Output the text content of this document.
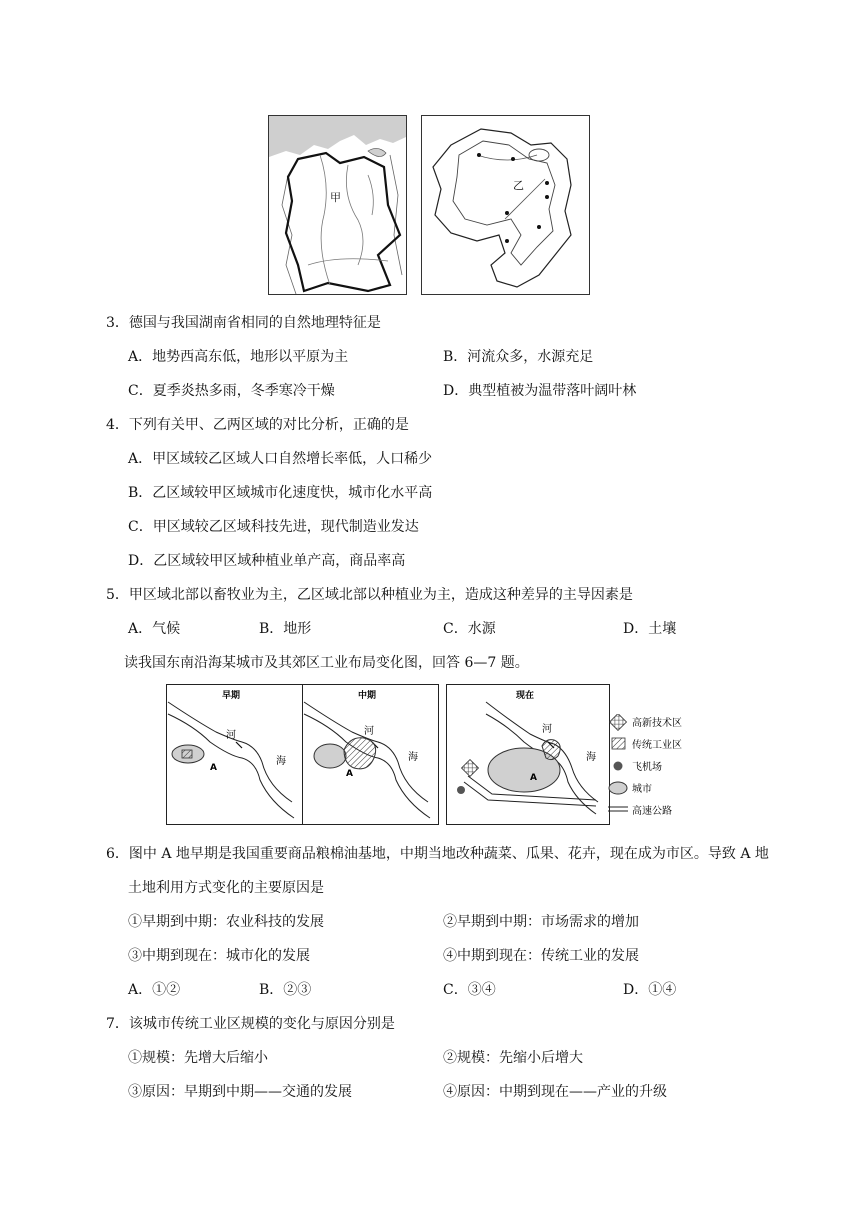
甲
乙
3．德国与我国湖南省相同的自然地理特征是
A．地势西高东低，地形以平原为主	B．河流众多，水源充足
C．夏季炎热多雨，冬季寒冷干燥	D．典型植被为温带落叶阔叶林
4．下列有关甲、乙两区域的对比分析，正确的是
A．甲区域较乙区域人口自然增长率低，人口稀少
B．乙区域较甲区域城市化速度快，城市化水平高
C．甲区域较乙区域科技先进，现代制造业发达
D．乙区域较甲区域种植业单产高，商品率高
5．甲区域北部以畜牧业为主，乙区域北部以种植业为主，造成这种差异的主导因素是
A．气候	B．地形	C．水源	D．土壤
读我国东南沿海某城市及其郊区工业布局变化图，回答 6—7 题。
早期
河
海
A
中期
河
海
A
现在
河
海
A
高新技术区
传统工业区
飞机场
城市
高速公路
6．图中 A 地早期是我国重要商品粮棉油基地，中期当地改种蔬菜、瓜果、花卉，现在成为市区。导致 A 地
土地利用方式变化的主要原因是
①早期到中期：农业科技的发展	②早期到中期：市场需求的增加
③中期到现在：城市化的发展	④中期到现在：传统工业的发展
A．①②	B．②③	C．③④	D．①④
7．该城市传统工业区规模的变化与原因分别是
①规模：先增大后缩小	②规模：先缩小后增大
③原因：早期到中期——交通的发展	④原因：中期到现在——产业的升级
